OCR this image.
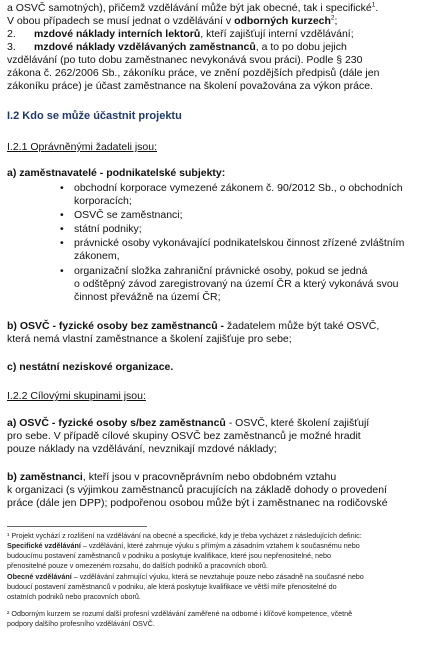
a OSVČ samotných), přičemž vzdělávání může být jak obecné, tak i specifické$^1$.
V obou případech se musí jednat o vzdělávání v odborných kurzech$^2$;
2. mzdové náklady interních lektorů, kteří zajišťují interní vzdělávání;
3. mzdové náklady vzdělávaných zaměstnanců, a to po dobu jejich
vzdělávání (po tuto dobu zaměstnanec nevykonává svou práci). Podle § 230
zákona č. 262/2006 Sb., zákoníku práce, ve znění pozdějších předpisů (dále jen
zákoníku práce) je účast zaměstnance na školení považována za výkon práce.
I.2 Kdo se může účastnit projektu
I.2.1 Oprávněnými žadateli jsou:
a) zaměstnavatelé - podnikatelské subjekty:
• obchodní korporace vymezené zákonem č. 90/2012 Sb., o obchodních
korporacích;
• OSVČ se zaměstnanci;
• státní podniky;
• právnické osoby vykonávající podnikatelskou činnost zřízené zvláštním
zákonem,
• organizační složka zahraniční právnické osoby, pokud se jedná
o odštěpný závod zaregistrovaný na území ČR a který vykonává svou
činnost převážně na území ČR;
b) OSVČ - fyzické osoby bez zaměstnanců - žadatelem může být také OSVČ,
která nemá vlastní zaměstnance a školení zajišťuje pro sebe;
c) nestátní neziskové organizace.
I.2.2 Cílovými skupinami jsou:
a) OSVČ - fyzické osoby s/bez zaměstnanců - OSVČ, které školení zajišťují
pro sebe. V případě cílové skupiny OSVČ bez zaměstnanců je možné hradit
pouze náklady na vzdělávání, nevznikají mzdové náklady;
b) zaměstnanci, kteří jsou v pracovněprávním nebo obdobném vztahu
k organizaci (s výjimkou zaměstnanců pracujících na základě dohody o provedení
práce (dále jen DPP); podpořenou osobou může být i zaměstnanec na rodičovské
¹ Projekt vychází z rozlišení na vzdělávání na obecné a specifické, kdy je třeba vycházet z následujících definic:
Specifické vzdělávání – vzdělávání, které zahrnuje výuku s přímým a zásadním vztahem k současnému nebo
budoucímu postavení zaměstnanců v podniku a poskytuje kvalifikace, které jsou nepřenositelné, nebo
přenositelné pouze v omezeném rozsahu, do dalších podniků a pracovních oborů.
Obecné vzdělávání – vzdělávání zahrnující výuku, která se nevztahuje pouze nebo zásadně na současné nebo
budoucí postavení zaměstnanců v podniku, ale která poskytuje kvalifikace ve větší míře přenositelné do
ostatních podniků nebo pracovních oborů.
² Odborným kurzem se rozumí další profesní vzdělávání zaměřené na odborné i klíčové kompetence, včetně
podpory dalšího profesního vzdělávání OSVČ.
